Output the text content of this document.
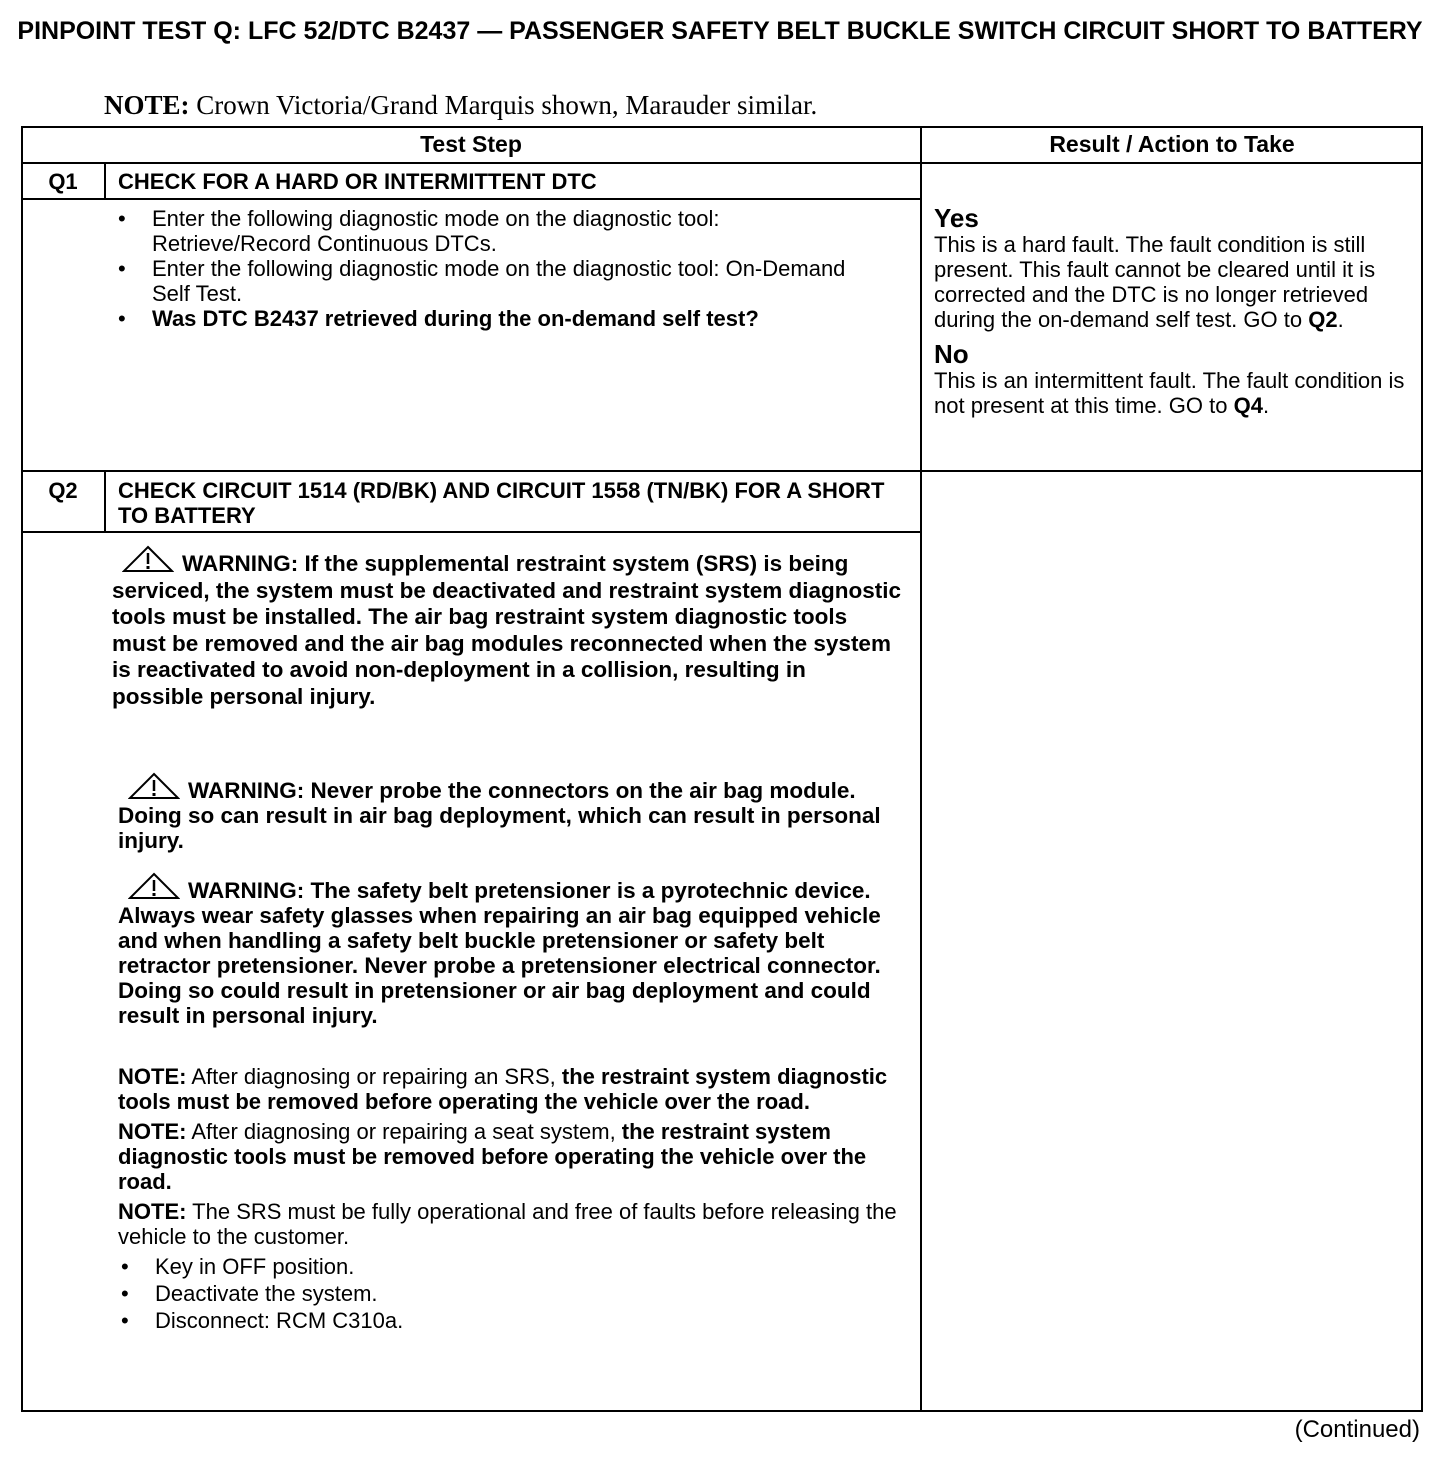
PINPOINT TEST Q: LFC 52/DTC B2437 — PASSENGER SAFETY BELT BUCKLE SWITCH CIRCUIT SHORT TO BATTERY
NOTE: Crown Victoria/Grand Marquis shown, Marauder similar.
Test Step	Result / Action to Take
Q1	CHECK FOR A HARD OR INTERMITTENT DTC
• Enter the following diagnostic mode on the diagnostic tool: Retrieve/Record Continuous DTCs.
• Enter the following diagnostic mode on the diagnostic tool: On-Demand Self Test.
• Was DTC B2437 retrieved during the on-demand self test?
Yes
This is a hard fault. The fault condition is still present. This fault cannot be cleared until it is corrected and the DTC is no longer retrieved during the on-demand self test. GO to Q2.
No
This is an intermittent fault. The fault condition is not present at this time. GO to Q4.
Q2	CHECK CIRCUIT 1514 (RD/BK) AND CIRCUIT 1558 (TN/BK) FOR A SHORT TO BATTERY
WARNING: If the supplemental restraint system (SRS) is being serviced, the system must be deactivated and restraint system diagnostic tools must be installed. The air bag restraint system diagnostic tools must be removed and the air bag modules reconnected when the system is reactivated to avoid non-deployment in a collision, resulting in possible personal injury.
WARNING: Never probe the connectors on the air bag module. Doing so can result in air bag deployment, which can result in personal injury.
WARNING: The safety belt pretensioner is a pyrotechnic device. Always wear safety glasses when repairing an air bag equipped vehicle and when handling a safety belt buckle pretensioner or safety belt retractor pretensioner. Never probe a pretensioner electrical connector. Doing so could result in pretensioner or air bag deployment and could result in personal injury.
NOTE: After diagnosing or repairing an SRS, the restraint system diagnostic tools must be removed before operating the vehicle over the road.
NOTE: After diagnosing or repairing a seat system, the restraint system diagnostic tools must be removed before operating the vehicle over the road.
NOTE: The SRS must be fully operational and free of faults before releasing the vehicle to the customer.
• Key in OFF position.
• Deactivate the system.
• Disconnect: RCM C310a.
(Continued)
